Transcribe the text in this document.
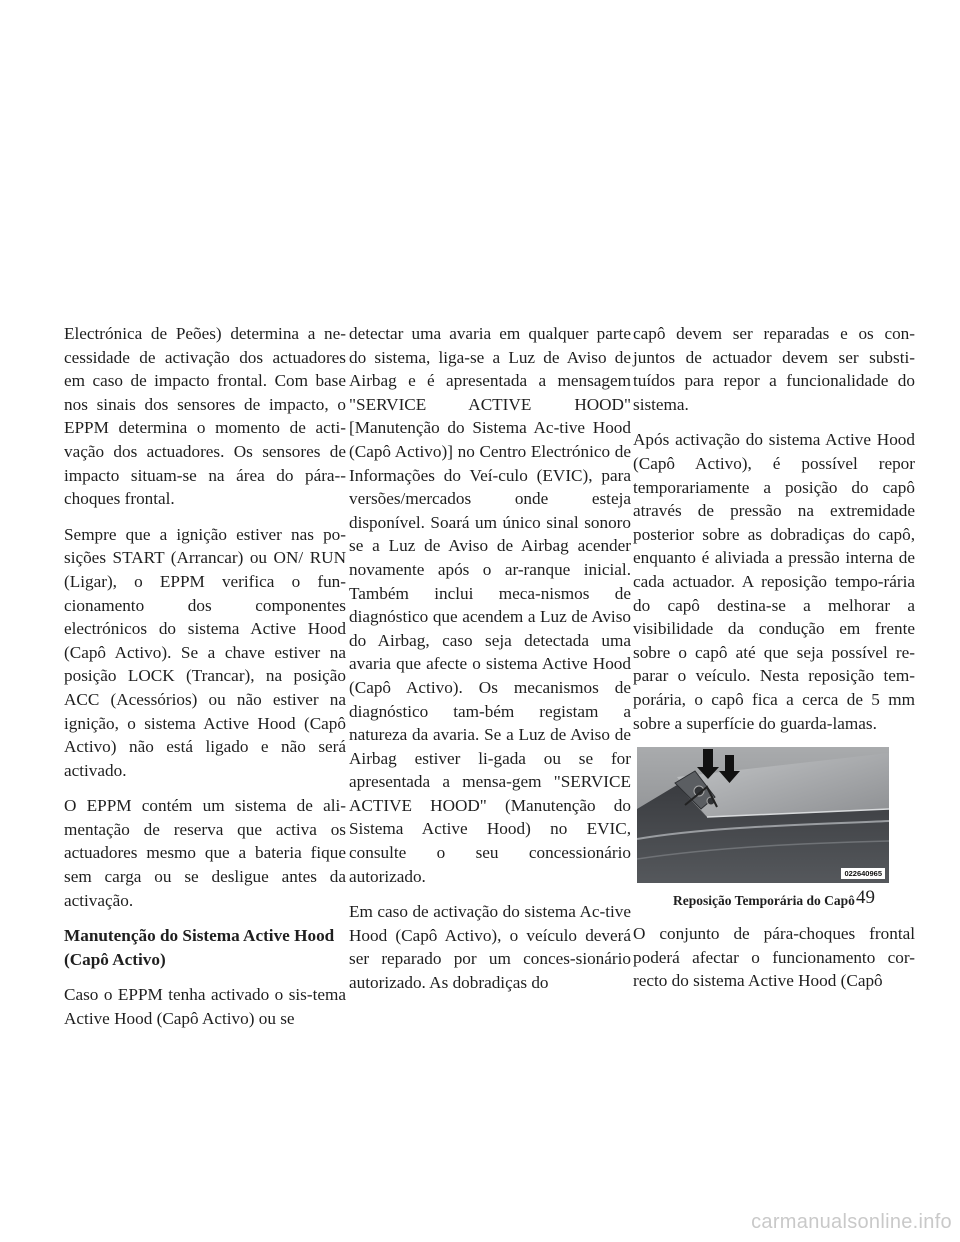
Electrónica de Peões) determina a ne-cessidade de activação dos actuadores em caso de impacto frontal. Com base nos sinais dos sensores de impacto, o EPPM determina o momento de acti-vação dos actuadores. Os sensores de impacto situam-se na área do pára--choques frontal.

Sempre que a ignição estiver nas po-sições START (Arrancar) ou ON/ RUN (Ligar), o EPPM verifica o fun-cionamento dos componentes electrónicos do sistema Active Hood (Capô Activo). Se a chave estiver na posição LOCK (Trancar), na posição ACC (Acessórios) ou não estiver na ignição, o sistema Active Hood (Capô Activo) não está ligado e não será activado.

O EPPM contém um sistema de ali-mentação de reserva que activa os actuadores mesmo que a bateria fique sem carga ou se desligue antes da activação.

Manutenção do Sistema Active Hood (Capô Activo)

Caso o EPPM tenha activado o sis-tema Active Hood (Capô Activo) ou se

detectar uma avaria em qualquer parte do sistema, liga-se a Luz de Aviso de Airbag e é apresentada a mensagem "SERVICE ACTIVE HOOD" [Manutenção do Sistema Ac-tive Hood (Capô Activo)] no Centro Electrónico de Informações do Veí-culo (EVIC), para versões/mercados onde esteja disponível. Soará um único sinal sonoro se a Luz de Aviso de Airbag acender novamente após o ar-ranque inicial. Também inclui meca-nismos de diagnóstico que acendem a Luz de Aviso do Airbag, caso seja detectada uma avaria que afecte o sistema Active Hood (Capô Activo). Os mecanismos de diagnóstico tam-bém registam a natureza da avaria. Se a Luz de Aviso de Airbag estiver li-gada ou se for apresentada a mensa-gem "SERVICE ACTIVE HOOD" (Manutenção do Sistema Active Hood) no EVIC, consulte o seu concessionário autorizado.

Em caso de activação do sistema Ac-tive Hood (Capô Activo), o veículo deverá ser reparado por um conces-sionário autorizado. As dobradiças do

capô devem ser reparadas e os con-juntos de actuador devem ser substi-tuídos para repor a funcionalidade do sistema.

Após activação do sistema Active Hood (Capô Activo), é possível repor temporariamente a posição do capô através de pressão na extremidade posterior sobre as dobradiças do capô, enquanto é aliviada a pressão interna de cada actuador. A reposição tempo-rária do capô destina-se a melhorar a visibilidade da condução em frente sobre o capô até que seja possível re-parar o veículo. Nesta reposição tem-porária, o capô fica a cerca de 5 mm sobre a superfície do guarda-lamas.

022640965
Reposição Temporária do Capô

O conjunto de pára-choques frontal poderá afectar o funcionamento cor-recto do sistema Active Hood (Capô

49
carmanualsonline.info
